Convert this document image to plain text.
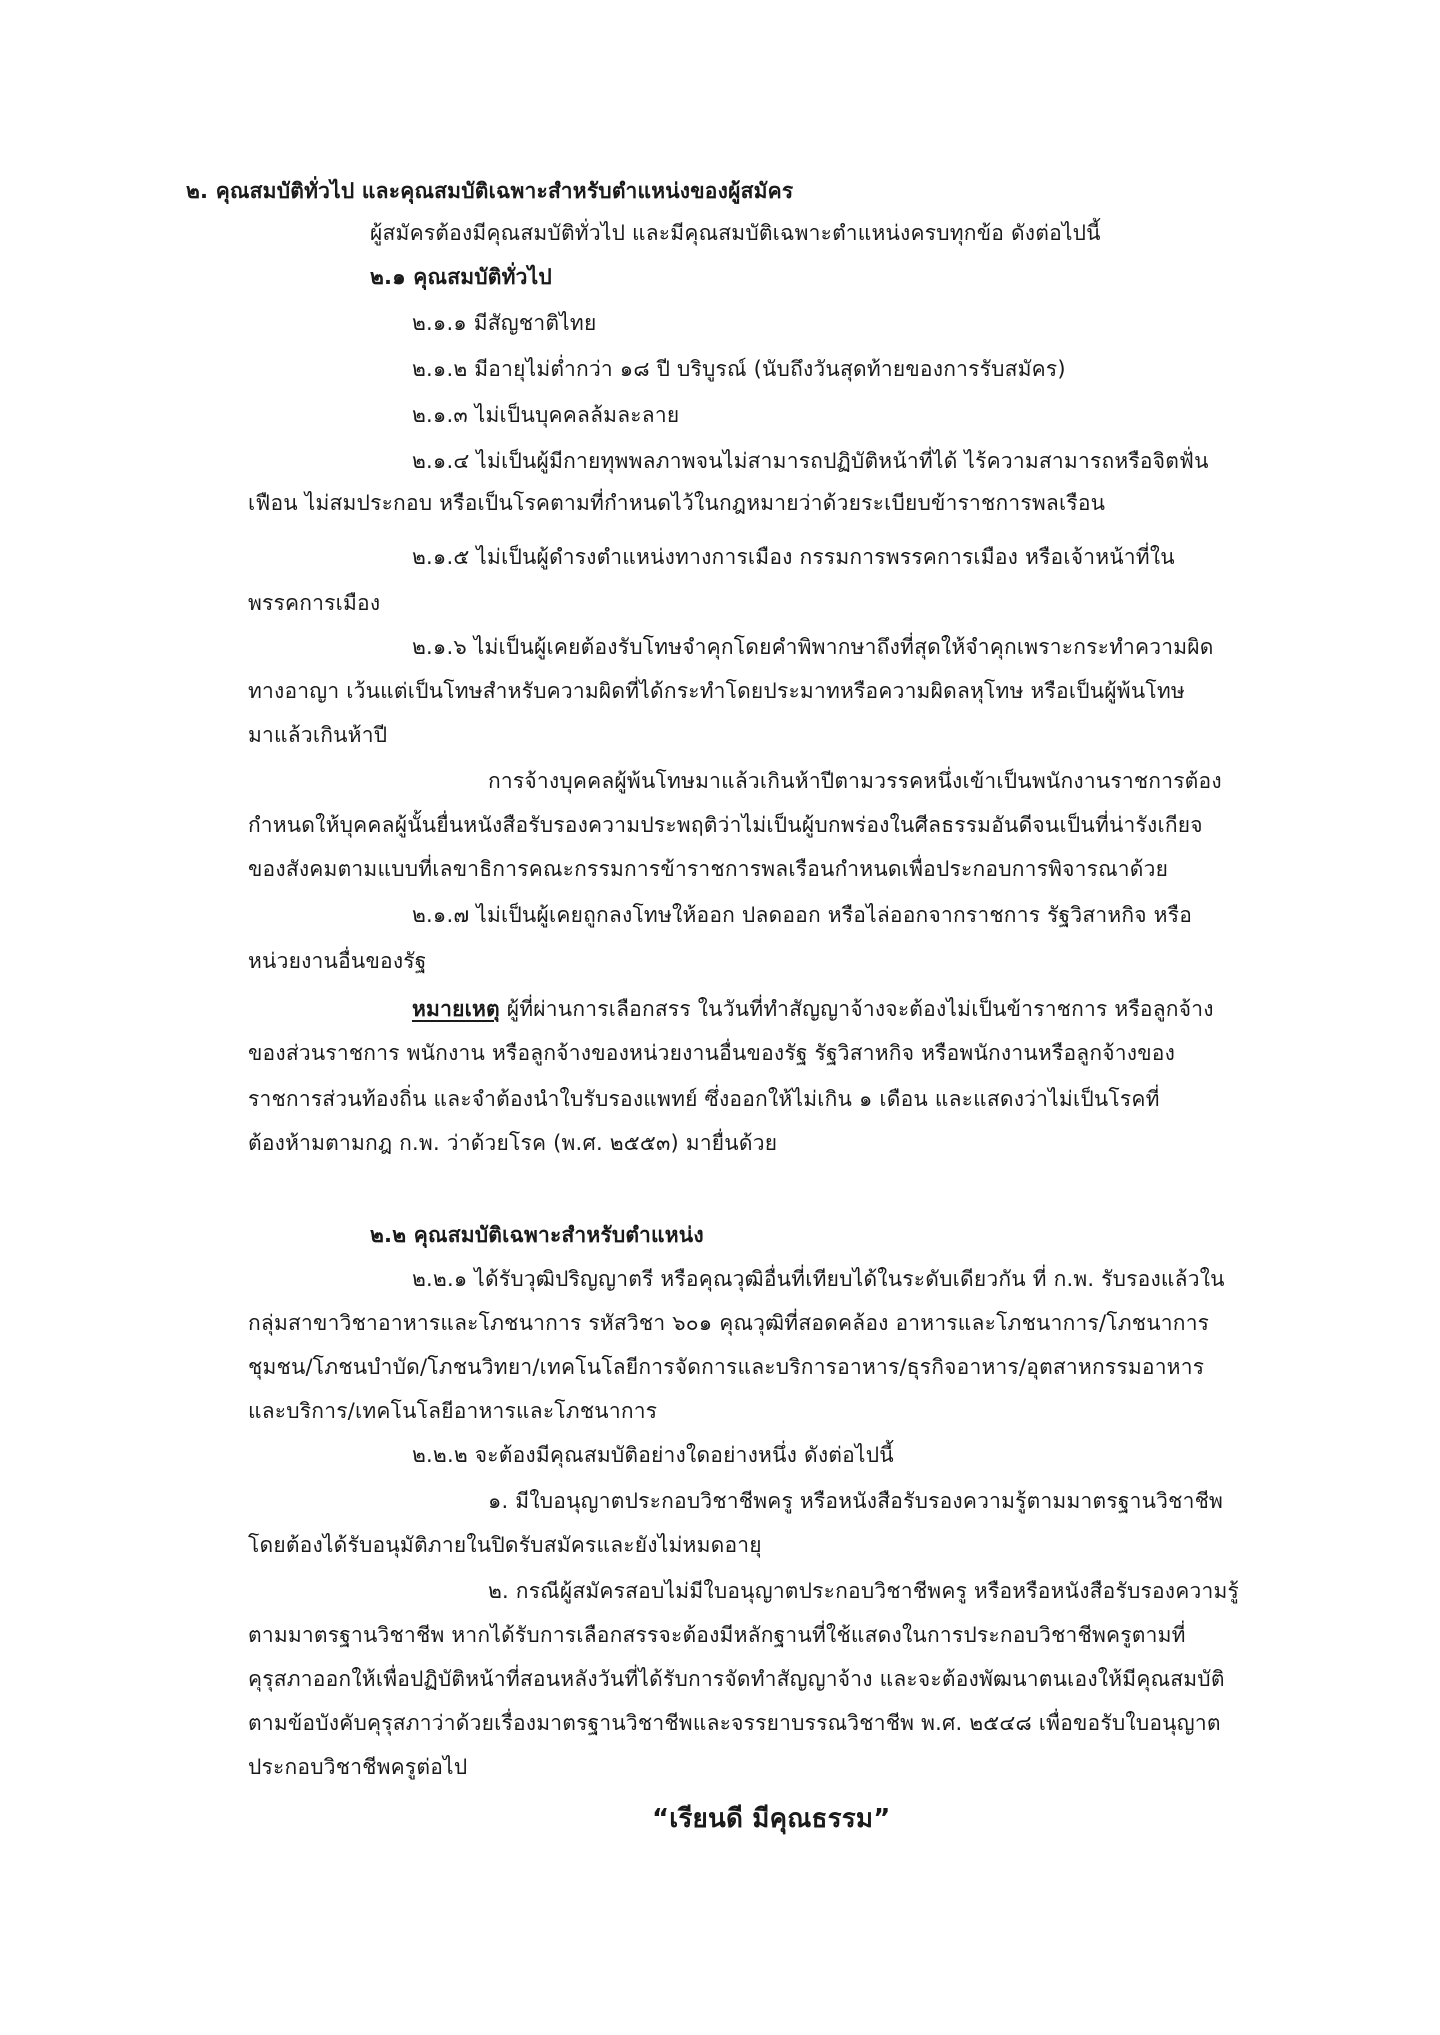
๒. คุณสมบัติทั่วไป และคุณสมบัติเฉพาะสำหรับตำแหน่งของผู้สมัคร
ผู้สมัครต้องมีคุณสมบัติทั่วไป และมีคุณสมบัติเฉพาะตำแหน่งครบทุกข้อ ดังต่อไปนี้
๒.๑ คุณสมบัติทั่วไป
๒.๑.๑ มีสัญชาติไทย
๒.๑.๒ มีอายุไม่ต่ำกว่า ๑๘ ปี บริบูรณ์ (นับถึงวันสุดท้ายของการรับสมัคร)
๒.๑.๓ ไม่เป็นบุคคลล้มละลาย
๒.๑.๔ ไม่เป็นผู้มีกายทุพพลภาพจนไม่สามารถปฏิบัติหน้าที่ได้ ไร้ความสามารถหรือจิตฟั่น
เฟือน ไม่สมประกอบ หรือเป็นโรคตามที่กำหนดไว้ในกฎหมายว่าด้วยระเบียบข้าราชการพลเรือน
๒.๑.๕ ไม่เป็นผู้ดำรงตำแหน่งทางการเมือง กรรมการพรรคการเมือง หรือเจ้าหน้าที่ใน
พรรคการเมือง
๒.๑.๖ ไม่เป็นผู้เคยต้องรับโทษจำคุกโดยคำพิพากษาถึงที่สุดให้จำคุกเพราะกระทำความผิด
ทางอาญา เว้นแต่เป็นโทษสำหรับความผิดที่ได้กระทำโดยประมาทหรือความผิดลหุโทษ หรือเป็นผู้พ้นโทษ
มาแล้วเกินห้าปี
การจ้างบุคคลผู้พ้นโทษมาแล้วเกินห้าปีตามวรรคหนึ่งเข้าเป็นพนักงานราชการต้อง
กำหนดให้บุคคลผู้นั้นยื่นหนังสือรับรองความประพฤติว่าไม่เป็นผู้บกพร่องในศีลธรรมอันดีจนเป็นที่น่ารังเกียจ
ของสังคมตามแบบที่เลขาธิการคณะกรรมการข้าราชการพลเรือนกำหนดเพื่อประกอบการพิจารณาด้วย
๒.๑.๗ ไม่เป็นผู้เคยถูกลงโทษให้ออก ปลดออก หรือไล่ออกจากราชการ รัฐวิสาหกิจ หรือ
หน่วยงานอื่นของรัฐ
หมายเหตุ ผู้ที่ผ่านการเลือกสรร ในวันที่ทำสัญญาจ้างจะต้องไม่เป็นข้าราชการ หรือลูกจ้าง
ของส่วนราชการ พนักงาน หรือลูกจ้างของหน่วยงานอื่นของรัฐ รัฐวิสาหกิจ หรือพนักงานหรือลูกจ้างของ
ราชการส่วนท้องถิ่น และจำต้องนำใบรับรองแพทย์ ซึ่งออกให้ไม่เกิน ๑ เดือน และแสดงว่าไม่เป็นโรคที่
ต้องห้ามตามกฎ ก.พ. ว่าด้วยโรค (พ.ศ. ๒๕๕๓) มายื่นด้วย
๒.๒ คุณสมบัติเฉพาะสำหรับตำแหน่ง
๒.๒.๑ ได้รับวุฒิปริญญาตรี หรือคุณวุฒิอื่นที่เทียบได้ในระดับเดียวกัน ที่ ก.พ. รับรองแล้วใน
กลุ่มสาขาวิชาอาหารและโภชนาการ รหัสวิชา ๖๐๑ คุณวุฒิที่สอดคล้อง อาหารและโภชนาการ/โภชนาการ
ชุมชน/โภชนบำบัด/โภชนวิทยา/เทคโนโลยีการจัดการและบริการอาหาร/ธุรกิจอาหาร/อุตสาหกรรมอาหาร
และบริการ/เทคโนโลยีอาหารและโภชนาการ
๒.๒.๒ จะต้องมีคุณสมบัติอย่างใดอย่างหนึ่ง ดังต่อไปนี้
๑. มีใบอนุญาตประกอบวิชาชีพครู หรือหนังสือรับรองความรู้ตามมาตรฐานวิชาชีพ
โดยต้องได้รับอนุมัติภายในปิดรับสมัครและยังไม่หมดอายุ
๒. กรณีผู้สมัครสอบไม่มีใบอนุญาตประกอบวิชาชีพครู หรือหรือหนังสือรับรองความรู้
ตามมาตรฐานวิชาชีพ หากได้รับการเลือกสรรจะต้องมีหลักฐานที่ใช้แสดงในการประกอบวิชาชีพครูตามที่
คุรุสภาออกให้เพื่อปฏิบัติหน้าที่สอนหลังวันที่ได้รับการจัดทำสัญญาจ้าง และจะต้องพัฒนาตนเองให้มีคุณสมบัติ
ตามข้อบังคับคุรุสภาว่าด้วยเรื่องมาตรฐานวิชาชีพและจรรยาบรรณวิชาชีพ พ.ศ. ๒๕๔๘ เพื่อขอรับใบอนุญาต
ประกอบวิชาชีพครูต่อไป
“เรียนดี มีคุณธรรม”
